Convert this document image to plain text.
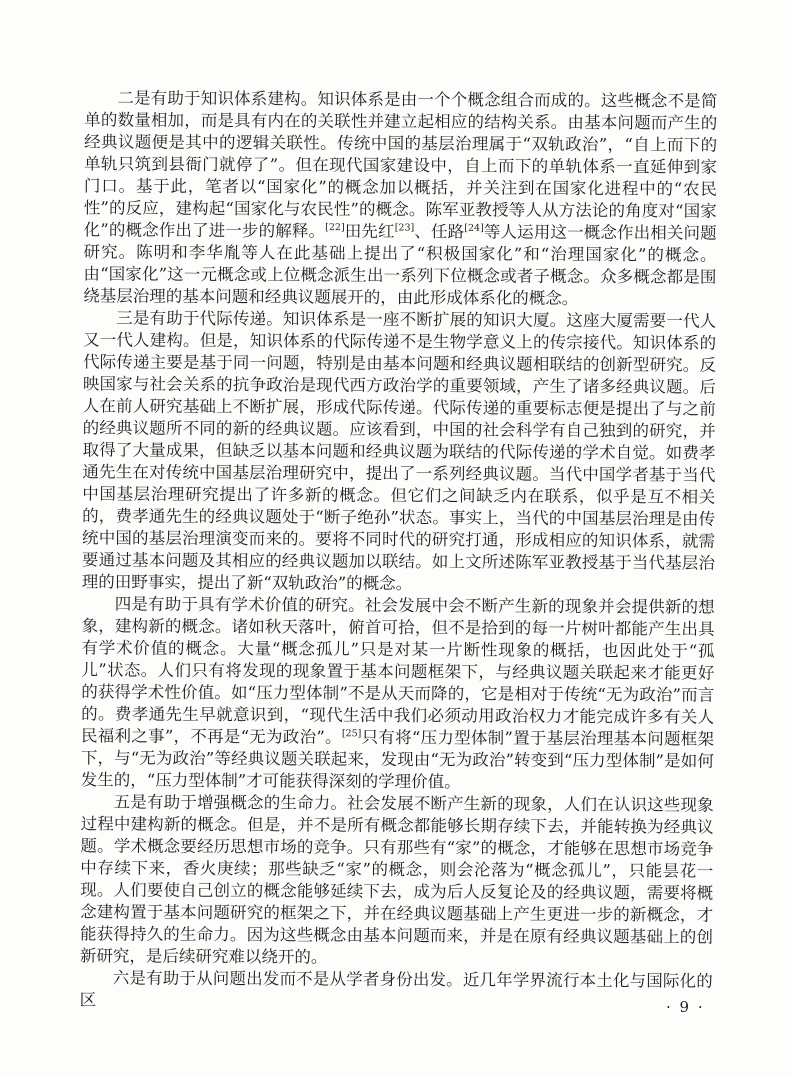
二是有助于知识体系建构。知识体系是由一个个概念组合而成的。这些概念不是简单的数量相加，而是具有内在的关联性并建立起相应的结构关系。由基本问题而产生的经典议题便是其中的逻辑关联性。传统中国的基层治理属于“双轨政治”，“自上而下的单轨只筑到县衙门就停了”。但在现代国家建设中，自上而下的单轨体系一直延伸到家门口。基于此，笔者以“国家化”的概念加以概括，并关注到在国家化进程中的“农民性”的反应，建构起“国家化与农民性”的概念。陈军亚教授等人从方法论的角度对“国家化”的概念作出了进一步的解释。[22]田先红[23]、任路[24]等人运用这一概念作出相关问题研究。陈明和李华胤等人在此基础上提出了“积极国家化”和“治理国家化”的概念。由“国家化”这一元概念或上位概念派生出一系列下位概念或者子概念。众多概念都是围绕基层治理的基本问题和经典议题展开的，由此形成体系化的概念。

三是有助于代际传递。知识体系是一座不断扩展的知识大厦。这座大厦需要一代人又一代人建构。但是，知识体系的代际传递不是生物学意义上的传宗接代。知识体系的代际传递主要是基于同一问题，特别是由基本问题和经典议题相联结的创新型研究。反映国家与社会关系的抗争政治是现代西方政治学的重要领域，产生了诸多经典议题。后人在前人研究基础上不断扩展，形成代际传递。代际传递的重要标志便是提出了与之前的经典议题所不同的新的经典议题。应该看到，中国的社会科学有自己独到的研究，并取得了大量成果，但缺乏以基本问题和经典议题为联结的代际传递的学术自觉。如费孝通先生在对传统中国基层治理研究中，提出了一系列经典议题。当代中国学者基于当代中国基层治理研究提出了许多新的概念。但它们之间缺乏内在联系，似乎是互不相关的，费孝通先生的经典议题处于“断子绝孙”状态。事实上，当代的中国基层治理是由传统中国的基层治理演变而来的。要将不同时代的研究打通，形成相应的知识体系，就需要通过基本问题及其相应的经典议题加以联结。如上文所述陈军亚教授基于当代基层治理的田野事实，提出了新“双轨政治”的概念。

四是有助于具有学术价值的研究。社会发展中会不断产生新的现象并会提供新的想象，建构新的概念。诸如秋天落叶，俯首可拾，但不是拾到的每一片树叶都能产生出具有学术价值的概念。大量“概念孤儿”只是对某一片断性现象的概括，也因此处于“孤儿”状态。人们只有将发现的现象置于基本问题框架下，与经典议题关联起来才能更好的获得学术性价值。如“压力型体制”不是从天而降的，它是相对于传统“无为政治”而言的。费孝通先生早就意识到，“现代生活中我们必须动用政治权力才能完成许多有关人民福利之事”，不再是“无为政治”。[25]只有将“压力型体制”置于基层治理基本问题框架下，与“无为政治”等经典议题关联起来，发现由“无为政治”转变到“压力型体制”是如何发生的，“压力型体制”才可能获得深刻的学理价值。

五是有助于增强概念的生命力。社会发展不断产生新的现象，人们在认识这些现象过程中建构新的概念。但是，并不是所有概念都能够长期存续下去，并能转换为经典议题。学术概念要经历思想市场的竞争。只有那些有“家”的概念，才能够在思想市场竞争中存续下来，香火庚续；那些缺乏“家”的概念，则会沦落为“概念孤儿”，只能昙花一现。人们要使自己创立的概念能够延续下去，成为后人反复论及的经典议题，需要将概念建构置于基本问题研究的框架之下，并在经典议题基础上产生更进一步的新概念，才能获得持久的生命力。因为这些概念由基本问题而来，并是在原有经典议题基础上的创新研究，是后续研究难以绕开的。

六是有助于从问题出发而不是从学者身份出发。近几年学界流行本土化与国际化的区	· 9 ·
